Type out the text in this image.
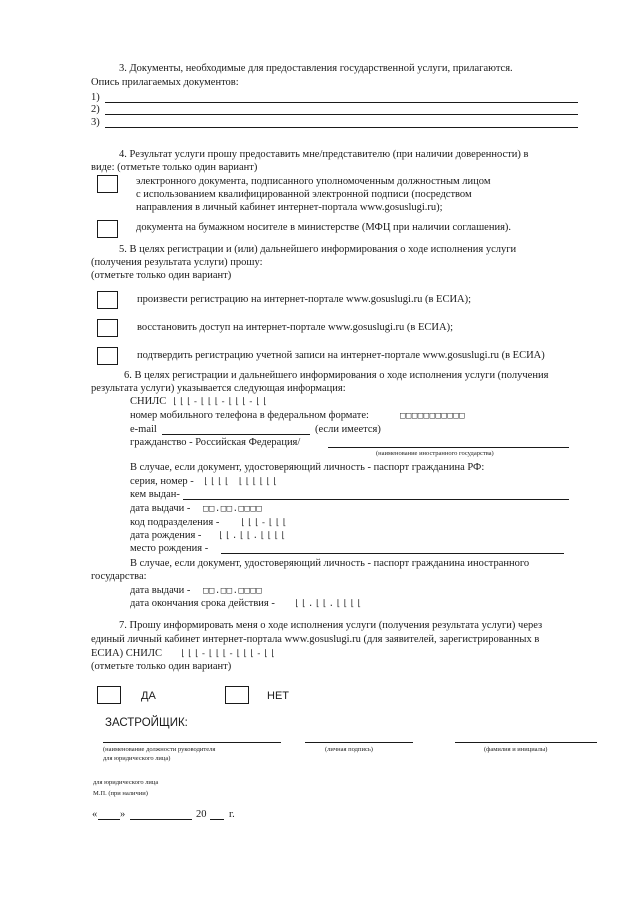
3. Документы, необходимые для предоставления государственной услуги, прилагаются.
Опись прилагаемых документов:
1)
2)
3)
4. Результат услуги прошу предоставить мне/представителю (при наличии доверенности) в
виде: (отметьте только один вариант)
электронного документа, подписанного уполномоченным должностным лицом
с использованием квалифицированной электронной подписи (посредством
направления в личный кабинет интернет-портала www.gosuslugi.ru);
документа на бумажном носителе в министерстве (МФЦ при наличии соглашения).
5. В целях регистрации и (или) дальнейшего информирования о ходе исполнения услуги
(получения результата услуги) прошу:
(отметьте только один вариант)
произвести регистрацию на интернет-портале www.gosuslugi.ru (в ЕСИА);
восстановить доступ на интернет-портале www.gosuslugi.ru (в ЕСИА);
подтвердить регистрацию учетной записи на интернет-портале www.gosuslugi.ru (в ЕСИА)
6. В целях регистрации и дальнейшего информирования о ходе исполнения услуги (получения
результата услуги) указывается следующая информация:
СНИЛС ⌊⌊⌊-⌊⌊⌊-⌊⌊⌊-⌊⌊
номер мобильного телефона в федеральном формате:	□□□□□□□□□□□
e-mail	(если имеется)
гражданство - Российская Федерация/
(наименование иностранного государства)
В случае, если документ, удостоверяющий личность - паспорт гражданина РФ:
серия, номер - ⌊⌊⌊⌊ ⌊⌊⌊⌊⌊⌊
кем выдан-
дата выдачи - □□.□□.□□□□
код подразделения - ⌊⌊⌊-⌊⌊⌊
дата рождения - ⌊⌊.⌊⌊.⌊⌊⌊⌊
место рождения -
В случае, если документ, удостоверяющий личность - паспорт гражданина иностранного
государства:
дата выдачи - □□.□□.□□□□
дата окончания срока действия - ⌊⌊.⌊⌊.⌊⌊⌊⌊
7. Прошу информировать меня о ходе исполнения услуги (получения результата услуги) через
единый личный кабинет интернет-портала www.gosuslugi.ru (для заявителей, зарегистрированных в
ЕСИА) СНИЛС ⌊⌊⌊-⌊⌊⌊-⌊⌊⌊-⌊⌊
(отметьте только один вариант)
ДА	НЕТ
ЗАСТРОЙЩИК:
(наименование должности руководителя
для юридического лица)
(личная подпись)	(фамилия и инициалы)
для юридического лица
М.П. (при наличии)
« »	20 г.
